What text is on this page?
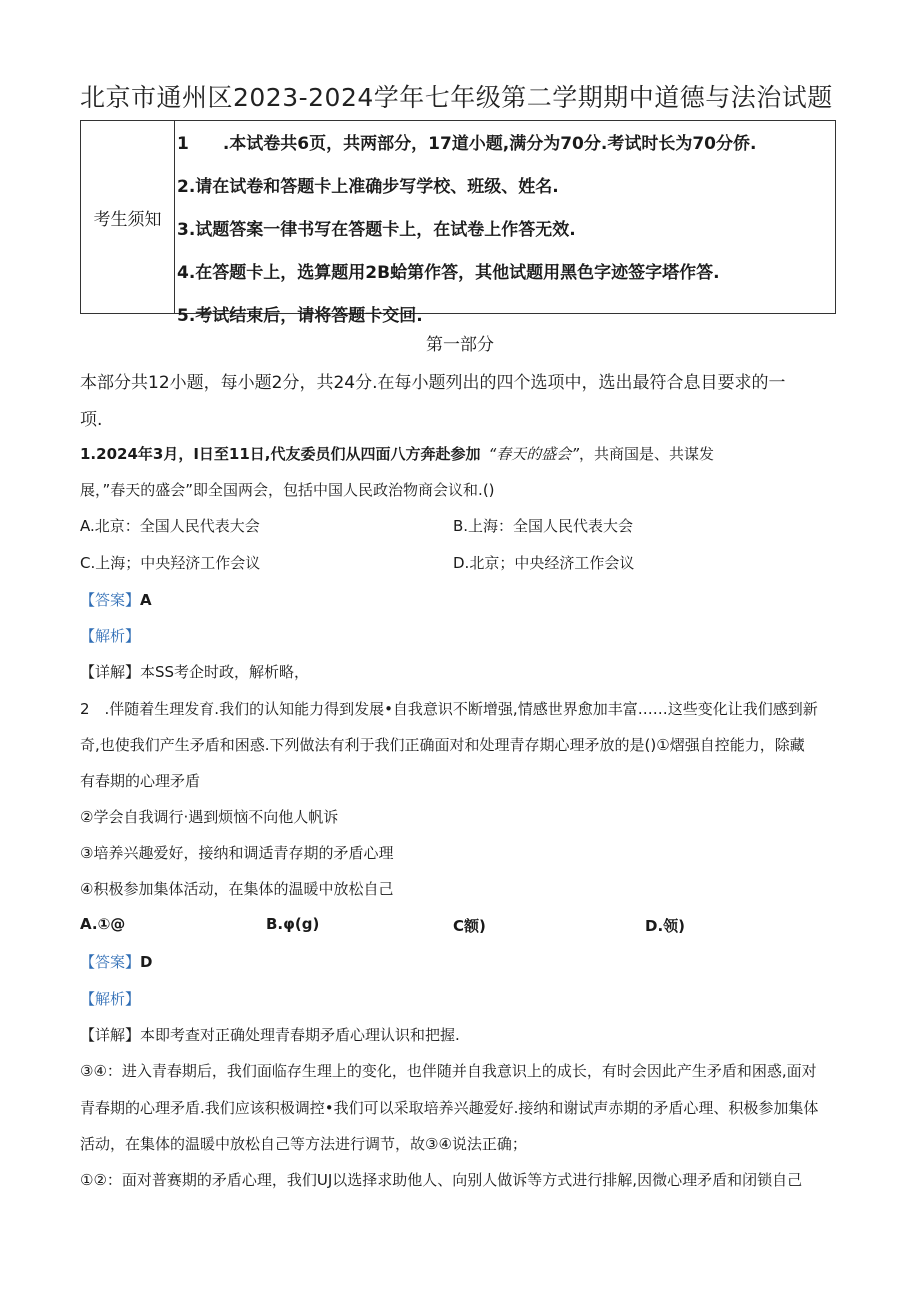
北京市通州区2023-2024学年七年级第二学期期中道德与法治试题
考生须知
1　　.本试卷共6页，共两部分，17道小题,满分为70分.考试时长为70分侨.
2.请在试卷和答题卡上准确步写学校、班级、姓名.
3.试题答案一律书写在答题卡上，在试卷上作答无效.
4.在答题卡上，选算题用2B蛤第作答，其他试题用黑色字迹签字塔作答.
5.考试结束后，请将答题卡交回.
第一部分
本部分共12小题，每小题2分，共24分.在每小题列出的四个选项中，选出最符合息目要求的一
项.
1.2024年3月，I日至11日,代友委员们从四面八方奔赴参加 “春天的盛会”，共商国是、共谋发
展，”春天的盛会”即全国两会，包括中国人民政治物商会议和.()
A.北京：全国人民代表大会	B.上海：全国人民代表大会
C.上海；中央羟济工作会议	D.北京；中央经济工作会议
【答案】A
【解析】
【详解】本SS考企时政，解析略，
2　.伴随着生理发育.我们的认知能力得到发展•自我意识不断增强,情感世界愈加丰富……这些变化让我们感到新
奇,也使我们产生矛盾和困惑.下列做法有利于我们正确面对和处理青存期心理矛放的是()①熠强自控能力，除藏
有春期的心理矛盾
②学会自我调行·遇到烦恼不向他人帆诉
③培养兴趣爱好，接纳和调适青存期的矛盾心理
④积极参加集体活动，在集体的温暖中放松自己
A.①@	B.φ(g)	C额)	D.领)
【答案】D
【解析】
【详解】本即考查对正确处理青春期矛盾心理认识和把握.
③④：进入青春期后，我们面临存生理上的变化，也伴随并自我意识上的成长，有时会因此产生矛盾和困惑,面对
青春期的心理矛盾.我们应该积极调控•我们可以采取培养兴趣爱好.接纳和谢试声赤期的矛盾心理、积极参加集体
活动，在集体的温暖中放松自己等方法进行调节，故③④说法正确；
①②：面对普赛期的矛盾心理，我们UJ以选择求助他人、向别人做诉等方式进行排解,因微心理矛盾和闭锁自己
